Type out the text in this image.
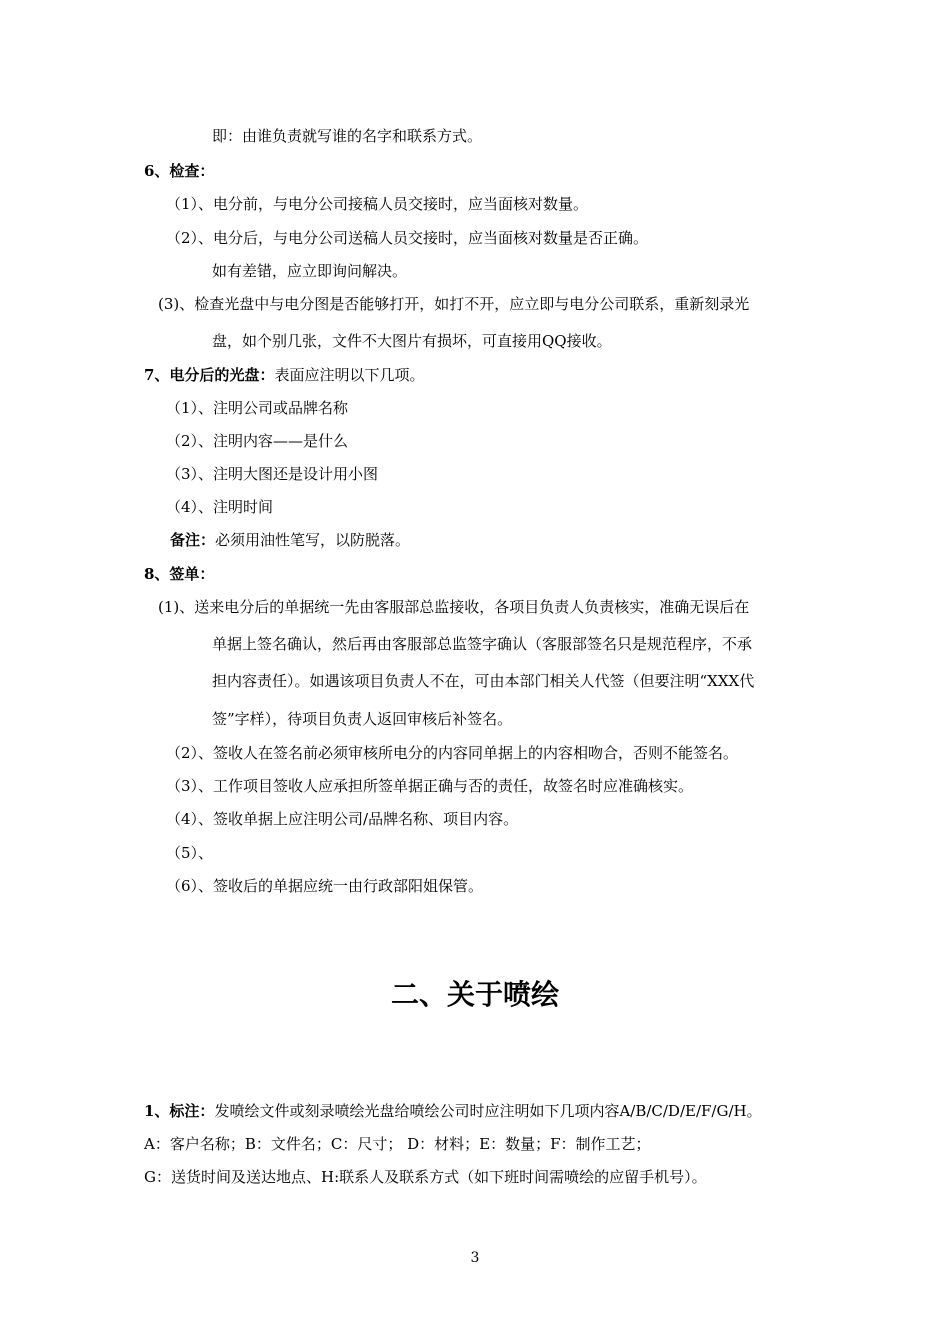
即：由谁负责就写谁的名字和联系方式。
6、检查：
（1）、电分前，与电分公司接稿人员交接时，应当面核对数量。
（2）、电分后，与电分公司送稿人员交接时，应当面核对数量是否正确。
如有差错，应立即询问解决。
(3)、检查光盘中与电分图是否能够打开，如打不开，应立即与电分公司联系，重新刻录光
盘，如个别几张，文件不大图片有损坏，可直接用QQ接收。
7、电分后的光盘：表面应注明以下几项。
（1）、注明公司或品牌名称
（2）、注明内容——是什么
（3）、注明大图还是设计用小图
（4）、注明时间
备注：必须用油性笔写，以防脱落。
8、签单：
(1)、送来电分后的单据统一先由客服部总监接收，各项目负责人负责核实，准确无误后在
单据上签名确认，然后再由客服部总监签字确认（客服部签名只是规范程序，不承
担内容责任）。如遇该项目负责人不在，可由本部门相关人代签（但要注明“XXX代
签”字样），待项目负责人返回审核后补签名。
（2）、签收人在签名前必须审核所电分的内容同单据上的内容相吻合，否则不能签名。
（3）、工作项目签收人应承担所签单据正确与否的责任，故签名时应准确核实。
（4）、签收单据上应注明公司/品牌名称、项目内容。
（5）、
（6）、签收后的单据应统一由行政部阳姐保管。
二、关于喷绘
1、标注：发喷绘文件或刻录喷绘光盘给喷绘公司时应注明如下几项内容A/B/C/D/E/F/G/H。
A：客户名称；B：文件名；C：尺寸； D：材料；E：数量；F：制作工艺；
G：送货时间及送达地点、H:联系人及联系方式（如下班时间需喷绘的应留手机号）。
3
